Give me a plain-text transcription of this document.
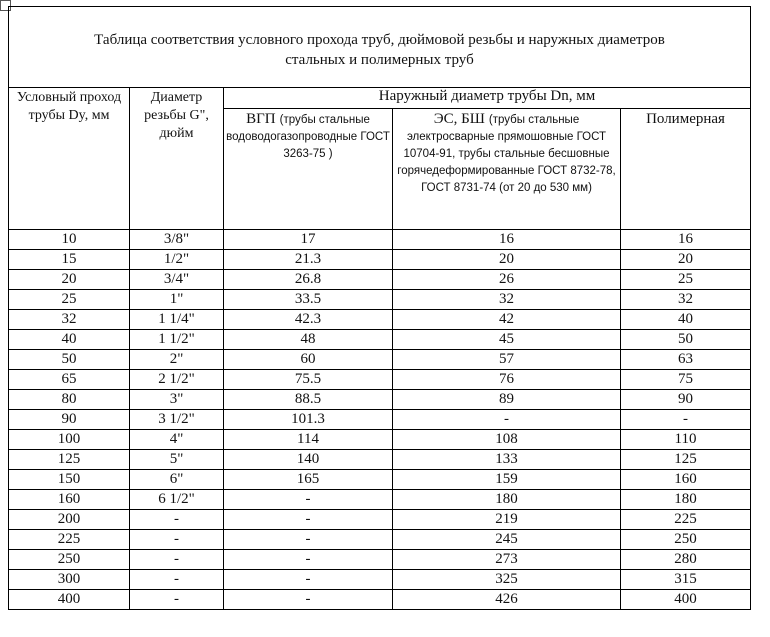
Таблица соответствия условного прохода труб, дюймовой резьбы и наружных диаметров
стальных и полимерных труб
Условный проход трубы Dy, мм	Диаметр резьбы G", дюйм	Наружный диаметр трубы Dn, мм		
		ВГП (трубы стальные водоводогазопроводные ГОСТ 3263-75 )	ЭС, БШ (трубы стальные электросварные прямошовные ГОСТ 10704-91, трубы стальные бесшовные горячедеформированные ГОСТ 8732-78, ГОСТ 8731-74 (от 20 до 530 мм)	Полимерная
10	3/8"	17	16	16
15	1/2"	21.3	20	20
20	3/4"	26.8	26	25
25	1"	33.5	32	32
32	1 1/4"	42.3	42	40
40	1 1/2"	48	45	50
50	2"	60	57	63
65	2 1/2"	75.5	76	75
80	3"	88.5	89	90
90	3 1/2"	101.3	-	-
100	4"	114	108	110
125	5"	140	133	125
150	6"	165	159	160
160	6 1/2"	-	180	180
200	-	-	219	225
225	-	-	245	250
250	-	-	273	280
300	-	-	325	315
400	-	-	426	400
